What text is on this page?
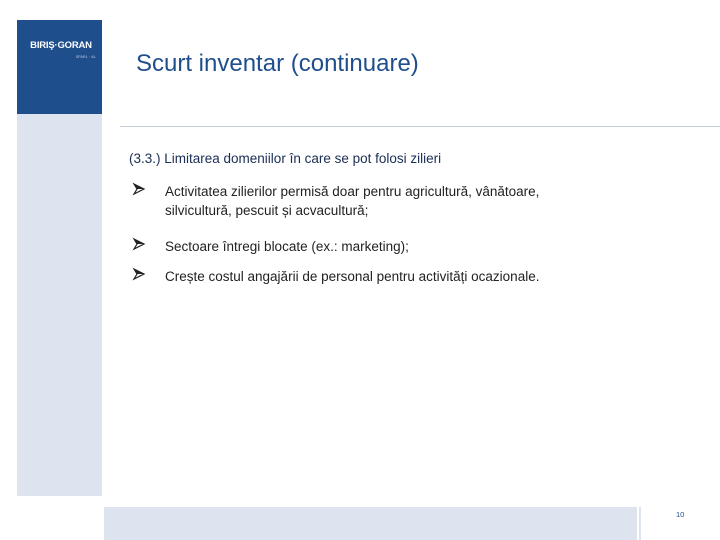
BIRIŞ·GORAN
SPARL · AL Scurt inventar (continuare)
(3.3.) Limitarea domeniilor în care se pot folosi zilieri
Activitatea zilierilor permisă doar pentru agricultură, vânătoare,
silvicultură, pescuit și acvacultură;
Sectoare întregi blocate (ex.: marketing);
Crește costul angajării de personal pentru activități ocazionale.
10
